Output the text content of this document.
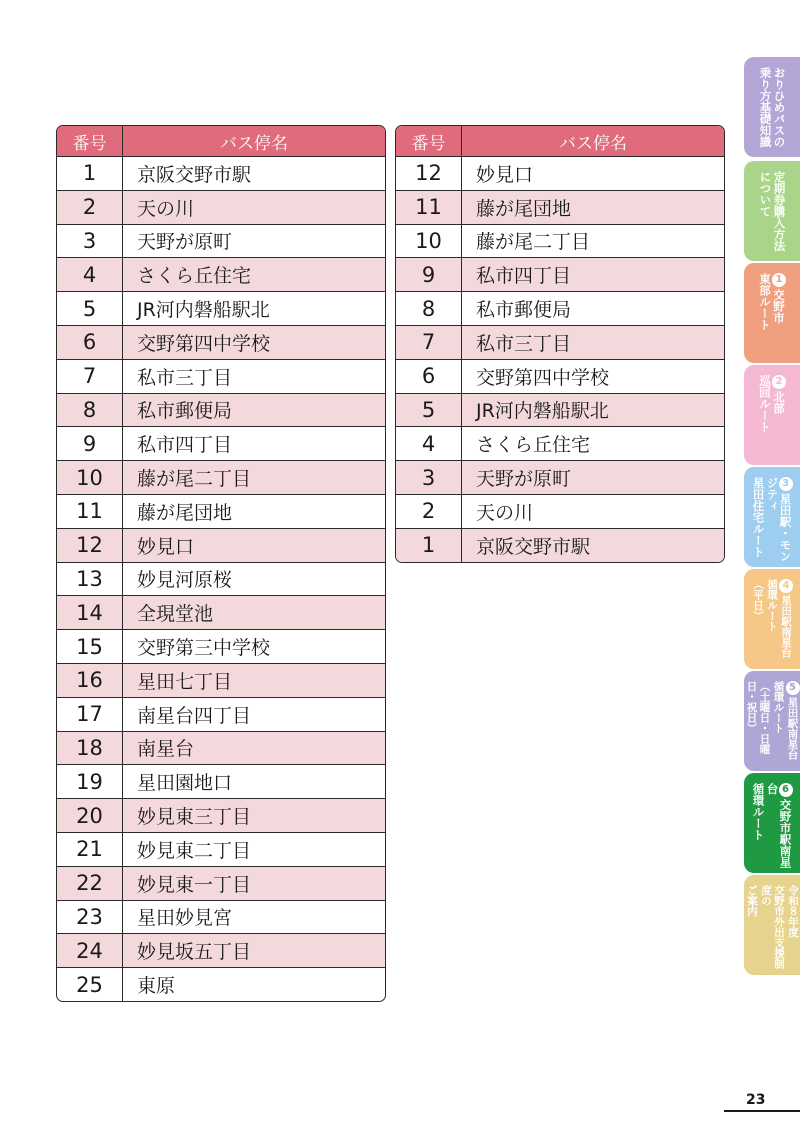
番号	バス停名
1	京阪交野市駅
2	天の川
3	天野が原町
4	さくら丘住宅
5	JR河内磐船駅北
6	交野第四中学校
7	私市三丁目
8	私市郵便局
9	私市四丁目
10	藤が尾二丁目
11	藤が尾団地
12	妙見口
13	妙見河原桜
14	全現堂池
15	交野第三中学校
16	星田七丁目
17	南星台四丁目
18	南星台
19	星田園地口
20	妙見東三丁目
21	妙見東二丁目
22	妙見東一丁目
23	星田妙見宮
24	妙見坂五丁目
25	東原
番号	バス停名
12	妙見口
11	藤が尾団地
10	藤が尾二丁目
9	私市四丁目
8	私市郵便局
7	私市三丁目
6	交野第四中学校
5	JR河内磐船駅北
4	さくら丘住宅
3	天野が原町
2	天の川
1	京阪交野市駅
おりひめバスの
乗り方基礎知識
定期券購入方法
について
1交野市
東部ルート
2北部
巡回ルート
3星田駅・モンジティ
星田住宅ルート
4星田駅南星台
循環ルート
（平日）
5星田駅南星台
循環ルート
（土曜日・日曜日・祝日）
6交野市駅南星台
循環ルート
令和８年度
交野市外出支援制度の
ご案内
23
